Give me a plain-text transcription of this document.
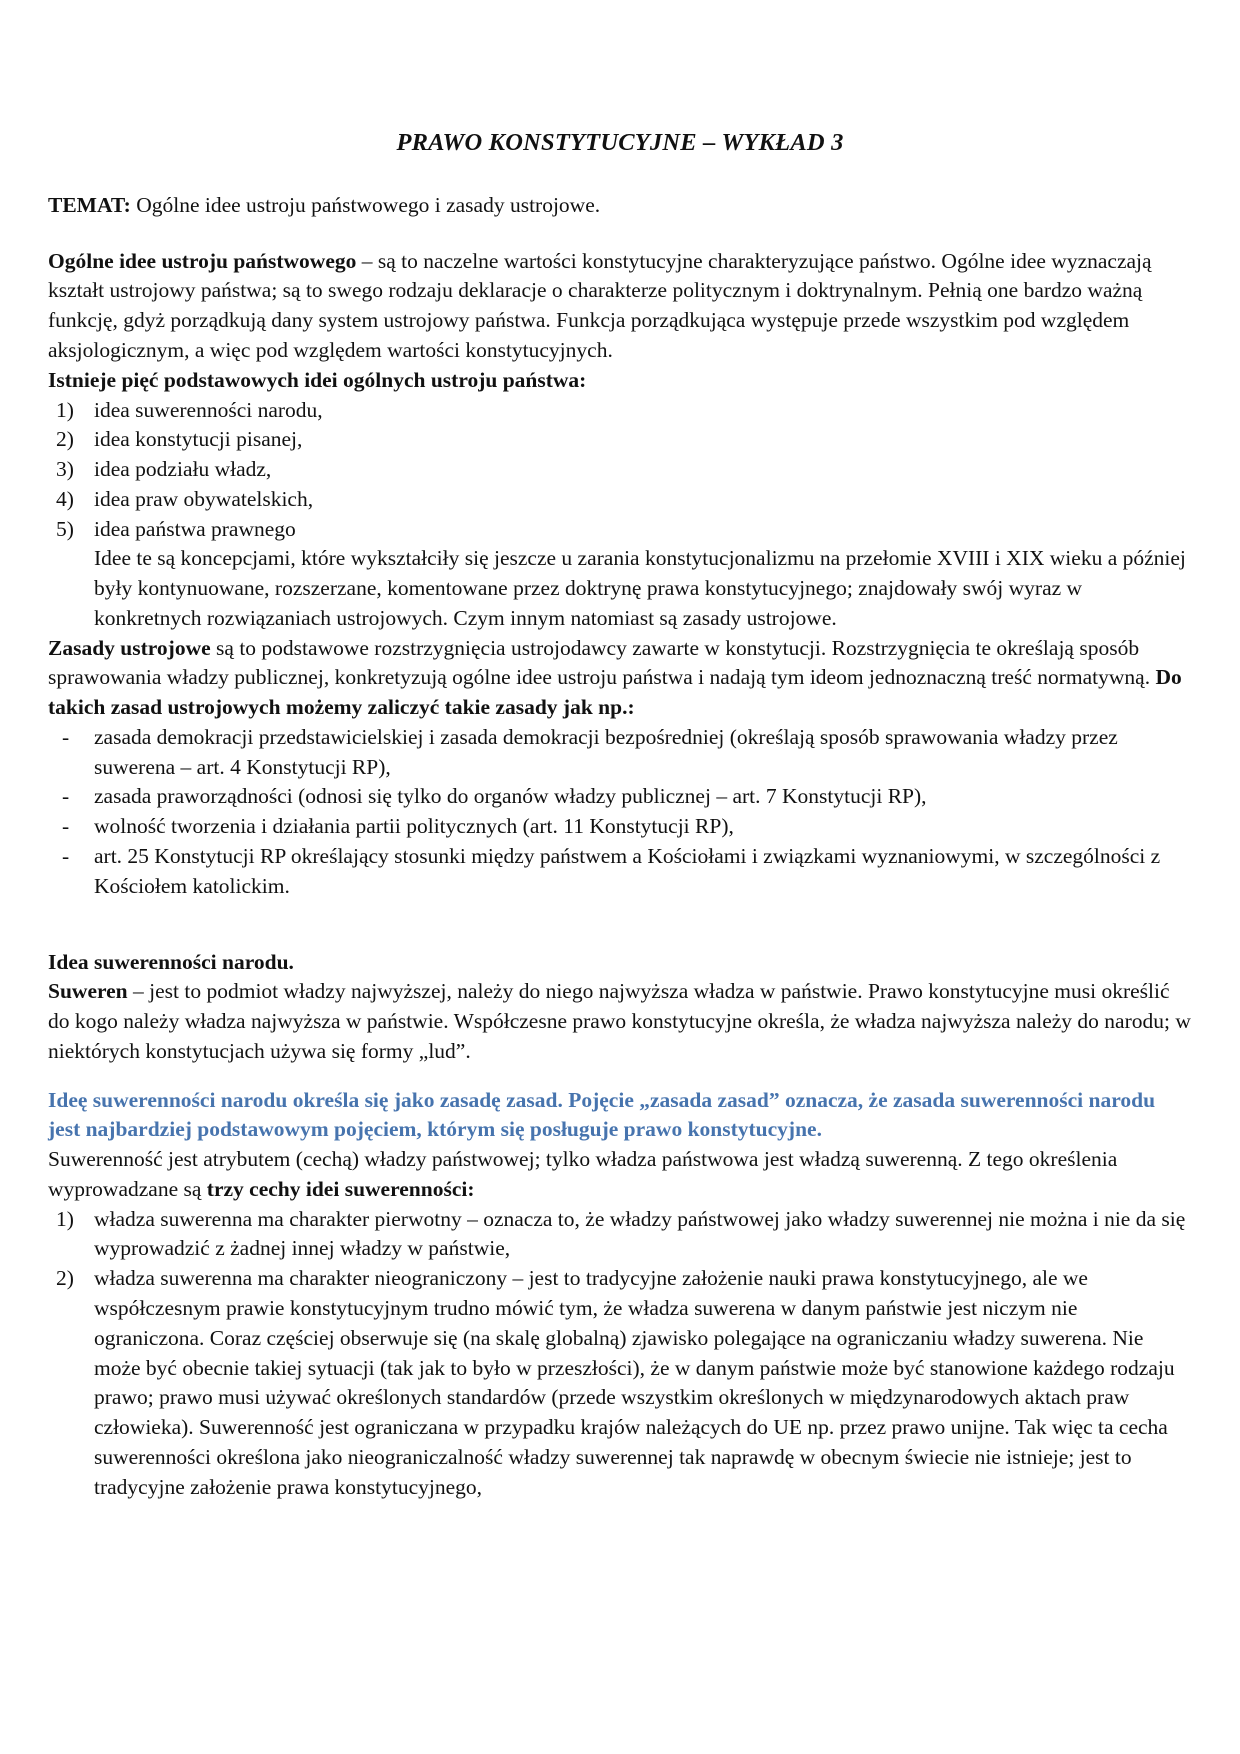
PRAWO KONSTYTUCYJNE – WYKŁAD 3

TEMAT: Ogólne idee ustroju państwowego i zasady ustrojowe.

Ogólne idee ustroju państwowego – są to naczelne wartości konstytucyjne charakteryzujące państwo. Ogólne idee wyznaczają kształt ustrojowy państwa; są to swego rodzaju deklaracje o charakterze politycznym i doktrynalnym. Pełnią one bardzo ważną funkcję, gdyż porządkują dany system ustrojowy państwa. Funkcja porządkująca występuje przede wszystkim pod względem aksjologicznym, a więc pod względem wartości konstytucyjnych.

Istnieje pięć podstawowych idei ogólnych ustroju państwa:

1) idea suwerenności narodu,
2) idea konstytucji pisanej,
3) idea podziału władz,
4) idea praw obywatelskich,
5) idea państwa prawnego

Idee te są koncepcjami, które wykształciły się jeszcze u zarania konstytucjonalizmu na przełomie XVIII i XIX wieku a później były kontynuowane, rozszerzane, komentowane przez doktrynę prawa konstytucyjnego; znajdowały swój wyraz w konkretnych rozwiązaniach ustrojowych. Czym innym natomiast są zasady ustrojowe.

Zasady ustrojowe są to podstawowe rozstrzygnięcia ustrojodawcy zawarte w konstytucji. Rozstrzygnięcia te określają sposób sprawowania władzy publicznej, konkretyzują ogólne idee ustroju państwa i nadają tym ideom jednoznaczną treść normatywną. Do takich zasad ustrojowych możemy zaliczyć takie zasady jak np.:

-	zasada demokracji przedstawicielskiej i zasada demokracji bezpośredniej (określają sposób sprawowania władzy przez suwerena – art. 4 Konstytucji RP),
-	zasada praworządności (odnosi się tylko do organów władzy publicznej – art. 7 Konstytucji RP),
-	wolność tworzenia i działania partii politycznych (art. 11 Konstytucji RP),
-	art. 25 Konstytucji RP określający stosunki między państwem a Kościołami i związkami wyznaniowymi, w szczególności z Kościołem katolickim.

Idea suwerenności narodu.

Suweren – jest to podmiot władzy najwyższej, należy do niego najwyższa władza w państwie. Prawo konstytucyjne musi określić do kogo należy władza najwyższa w państwie. Współczesne prawo konstytucyjne określa, że władza najwyższa należy do narodu; w niektórych konstytucjach używa się formy „lud”.

Ideę suwerenności narodu określa się jako zasadę zasad. Pojęcie „zasada zasad” oznacza, że zasada suwerenności narodu jest najbardziej podstawowym pojęciem, którym się posługuje prawo konstytucyjne.

Suwerenność jest atrybutem (cechą) władzy państwowej; tylko władza państwowa jest władzą suwerenną. Z tego określenia wyprowadzane są trzy cechy idei suwerenności:

1) władza suwerenna ma charakter pierwotny – oznacza to, że władzy państwowej jako władzy suwerennej nie można i nie da się wyprowadzić z żadnej innej władzy w państwie,
2) władza suwerenna ma charakter nieograniczony – jest to tradycyjne założenie nauki prawa konstytucyjnego, ale we współczesnym prawie konstytucyjnym trudno mówić tym, że władza suwerena w danym państwie jest niczym nie ograniczona. Coraz częściej obserwuje się (na skalę globalną) zjawisko polegające na ograniczaniu władzy suwerena. Nie może być obecnie takiej sytuacji (tak jak to było w przeszłości), że w danym państwie może być stanowione każdego rodzaju prawo; prawo musi używać określonych standardów (przede wszystkim określonych w międzynarodowych aktach praw człowieka). Suwerenność jest ograniczana w przypadku krajów należących do UE np. przez prawo unijne. Tak więc ta cecha suwerenności określona jako nieograniczalność władzy suwerennej tak naprawdę w obecnym świecie nie istnieje; jest to tradycyjne założenie prawa konstytucyjnego,
